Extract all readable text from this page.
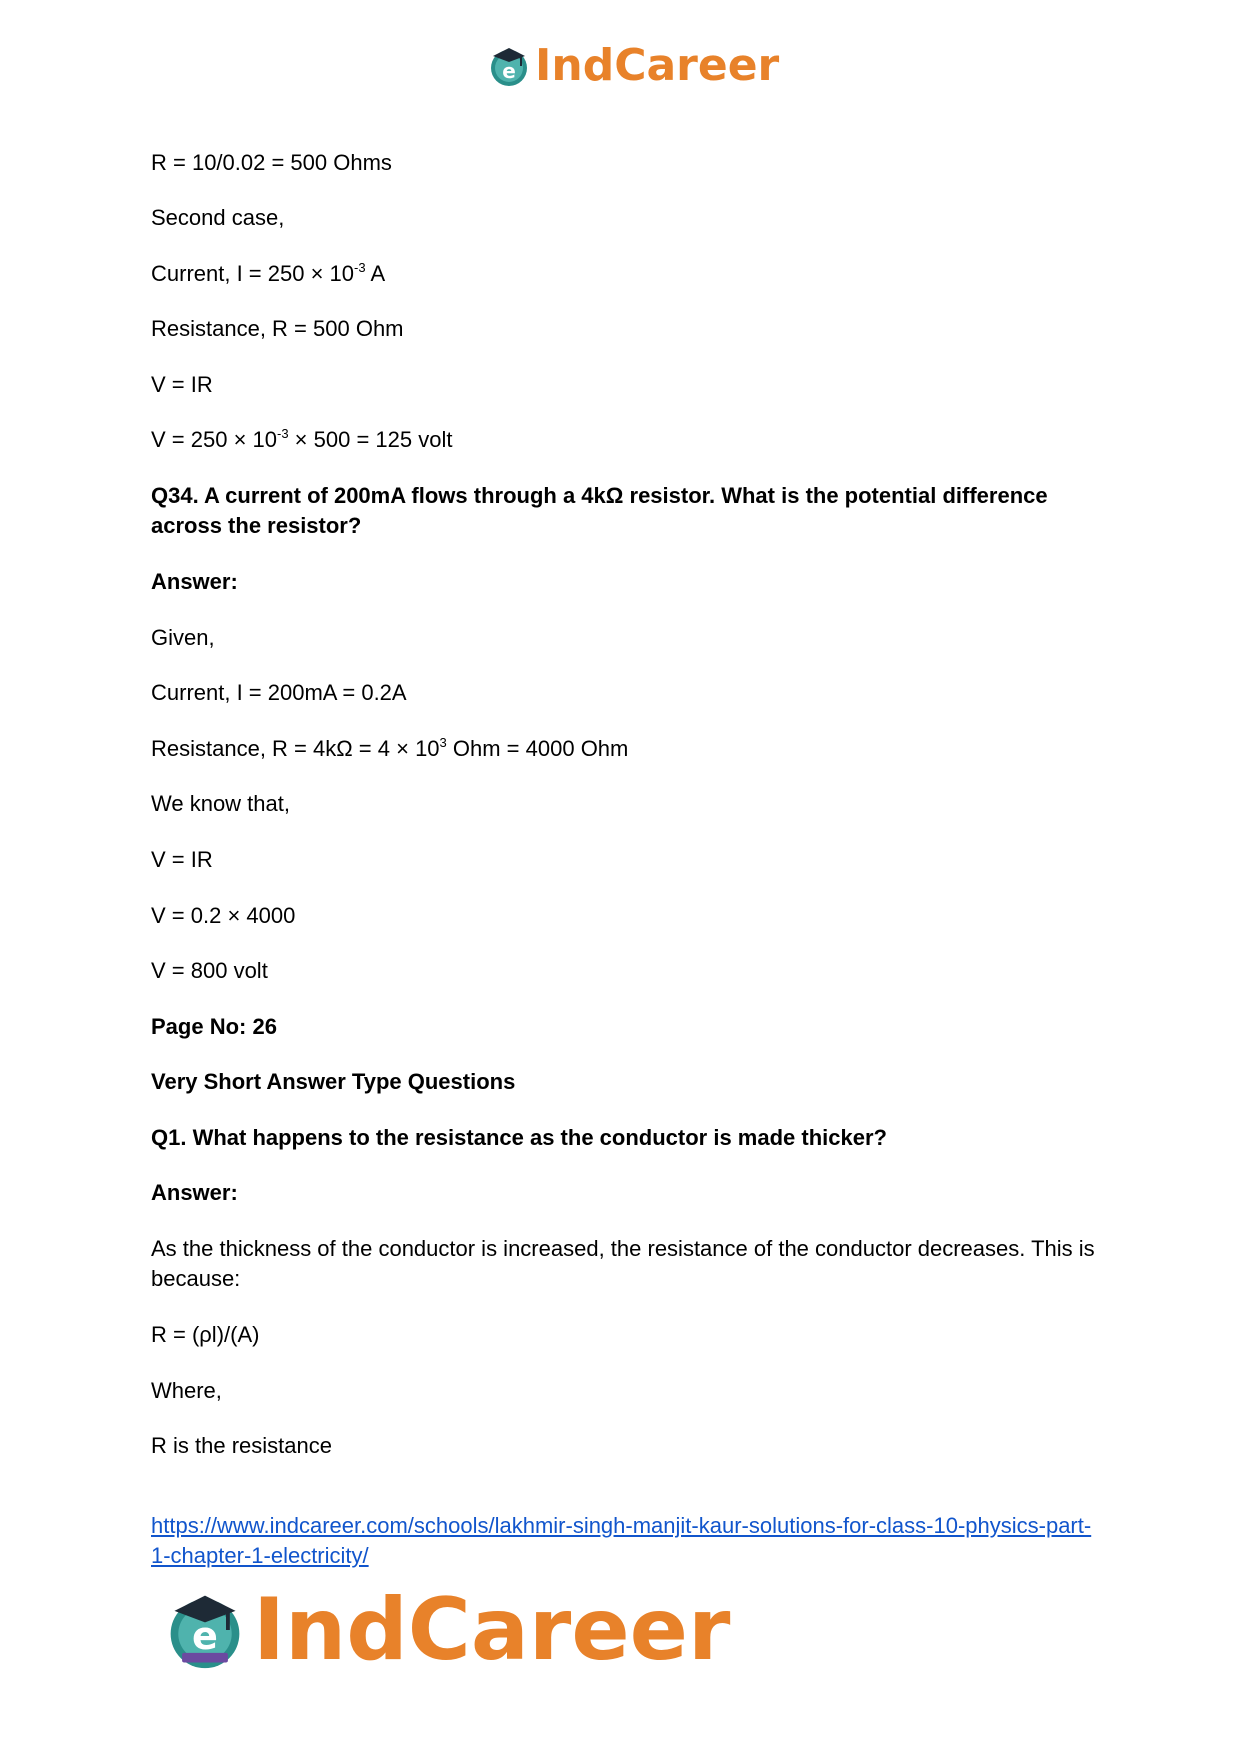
e IndCareer

R = 10/0.02 = 500 Ohms

Second case,

Current, $I = 250 \times 10^{-3}$ A

Resistance, R = 500 Ohm

V = IR

$V = 250 \times 10^{-3} \times 500 = 125$ volt

Q34. A current of 200mA flows through a 4kΩ resistor. What is the potential difference across the resistor?

Answer:

Given,

Current, I = 200mA = 0.2A

Resistance, $R = 4k\Omega = 4 \times 10^3$ Ohm = 4000 Ohm

We know that,

V = IR

V = 0.2 × 4000

V = 800 volt

Page No: 26

Very Short Answer Type Questions

Q1. What happens to the resistance as the conductor is made thicker?

Answer:

As the thickness of the conductor is increased, the resistance of the conductor decreases. This is because:

R = (ρl)/(A)

Where,

R is the resistance

https://www.indcareer.com/schools/lakhmir-singh-manjit-kaur-solutions-for-class-10-physics-part-1-chapter-1-electricity/
e IndCareer
